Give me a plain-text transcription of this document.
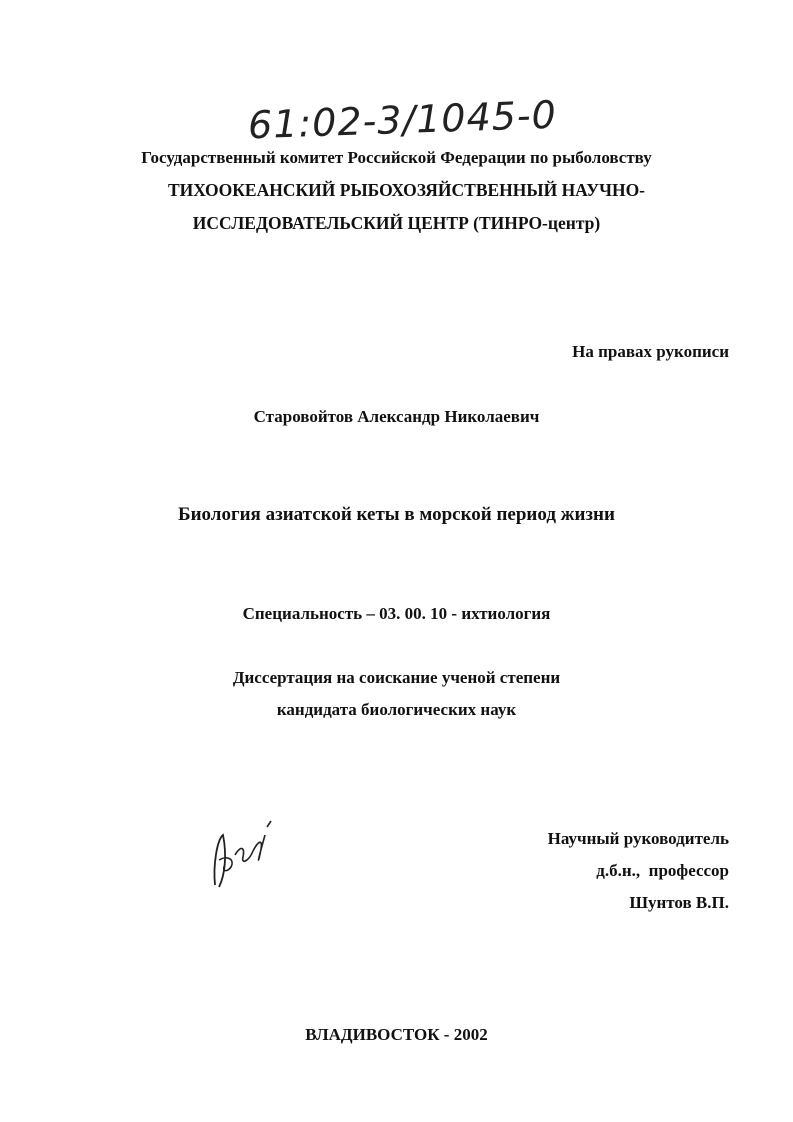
61:02-3/1045-0
Государственный комитет Российской Федерации по рыболовству
ТИХООКЕАНСКИЙ РЫБОХОЗЯЙСТВЕННЫЙ НАУЧНО-
ИССЛЕДОВАТЕЛЬСКИЙ ЦЕНТР (ТИНРО-центр)
На правах рукописи
Старовойтов Александр Николаевич
Биология азиатской кеты в морской период жизни
Специальность – 03. 00. 10 - ихтиология
Диссертация на соискание ученой степени
кандидата биологических наук
Научный руководитель
д.б.н.,  профессор
Шунтов В.П.
ВЛАДИВОСТОК - 2002
